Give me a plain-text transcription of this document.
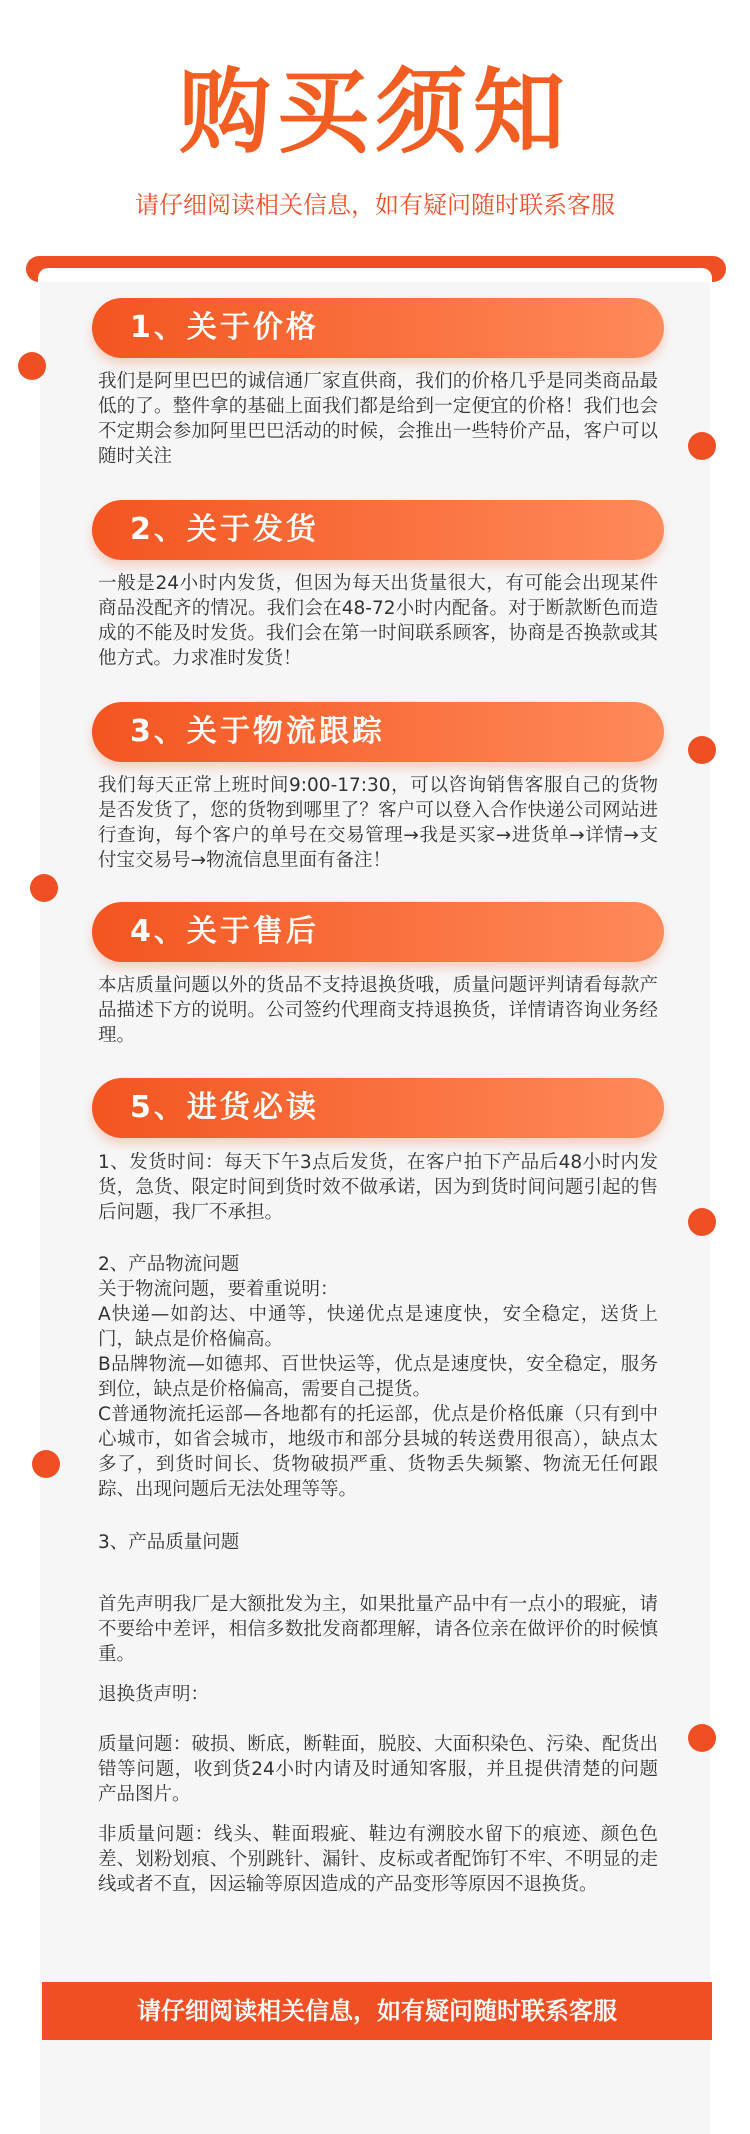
购买须知
请仔细阅读相关信息，如有疑问随时联系客服
1、关于价格

我们是阿里巴巴的诚信通厂家直供商，我们的价格几乎是同类商品最低的了。整件拿的基础上面我们都是给到一定便宜的价格！我们也会不定期会参加阿里巴巴活动的时候，会推出一些特价产品，客户可以随时关注

2、关于发货

一般是24小时内发货，但因为每天出货量很大，有可能会出现某件商品没配齐的情况。我们会在48-72小时内配备。对于断款断色而造成的不能及时发货。我们会在第一时间联系顾客，协商是否换款或其他方式。力求准时发货！

3、关于物流跟踪

我们每天正常上班时间9:00-17:30，可以咨询销售客服自己的货物是否发货了，您的货物到哪里了？客户可以登入合作快递公司网站进行查询，每个客户的单号在交易管理→我是买家→进货单→详情→支付宝交易号→物流信息里面有备注！

4、关于售后

本店质量问题以外的货品不支持退换货哦，质量问题评判请看每款产品描述下方的说明。公司签约代理商支持退换货，详情请咨询业务经理。

5、进货必读

1、发货时间：每天下午3点后发货，在客户拍下产品后48小时内发货，急货、限定时间到货时效不做承诺，因为到货时间问题引起的售后问题，我厂不承担。

2、产品物流问题

关于物流问题，要着重说明：

A快递—如韵达、中通等，快递优点是速度快，安全稳定，送货上门，缺点是价格偏高。

B品牌物流—如德邦、百世快运等，优点是速度快，安全稳定，服务到位，缺点是价格偏高，需要自己提货。

C普通物流托运部—各地都有的托运部，优点是价格低廉（只有到中心城市，如省会城市，地级市和部分县城的转送费用很高），缺点太多了，到货时间长、货物破损严重、货物丢失频繁、物流无任何跟踪、出现问题后无法处理等等。

3、产品质量问题

首先声明我厂是大额批发为主，如果批量产品中有一点小的瑕疵，请不要给中差评，相信多数批发商都理解，请各位亲在做评价的时候慎重。

退换货声明：

质量问题：破损、断底，断鞋面，脱胶、大面积染色、污染、配货出错等问题，收到货24小时内请及时通知客服，并且提供清楚的问题产品图片。

非质量问题：线头、鞋面瑕疵、鞋边有溯胶水留下的痕迹、颜色色差、划粉划痕、个别跳针、漏针、皮标或者配饰钉不牢、不明显的走线或者不直，因运输等原因造成的产品变形等原因不退换货。

请仔细阅读相关信息，如有疑问随时联系客服
